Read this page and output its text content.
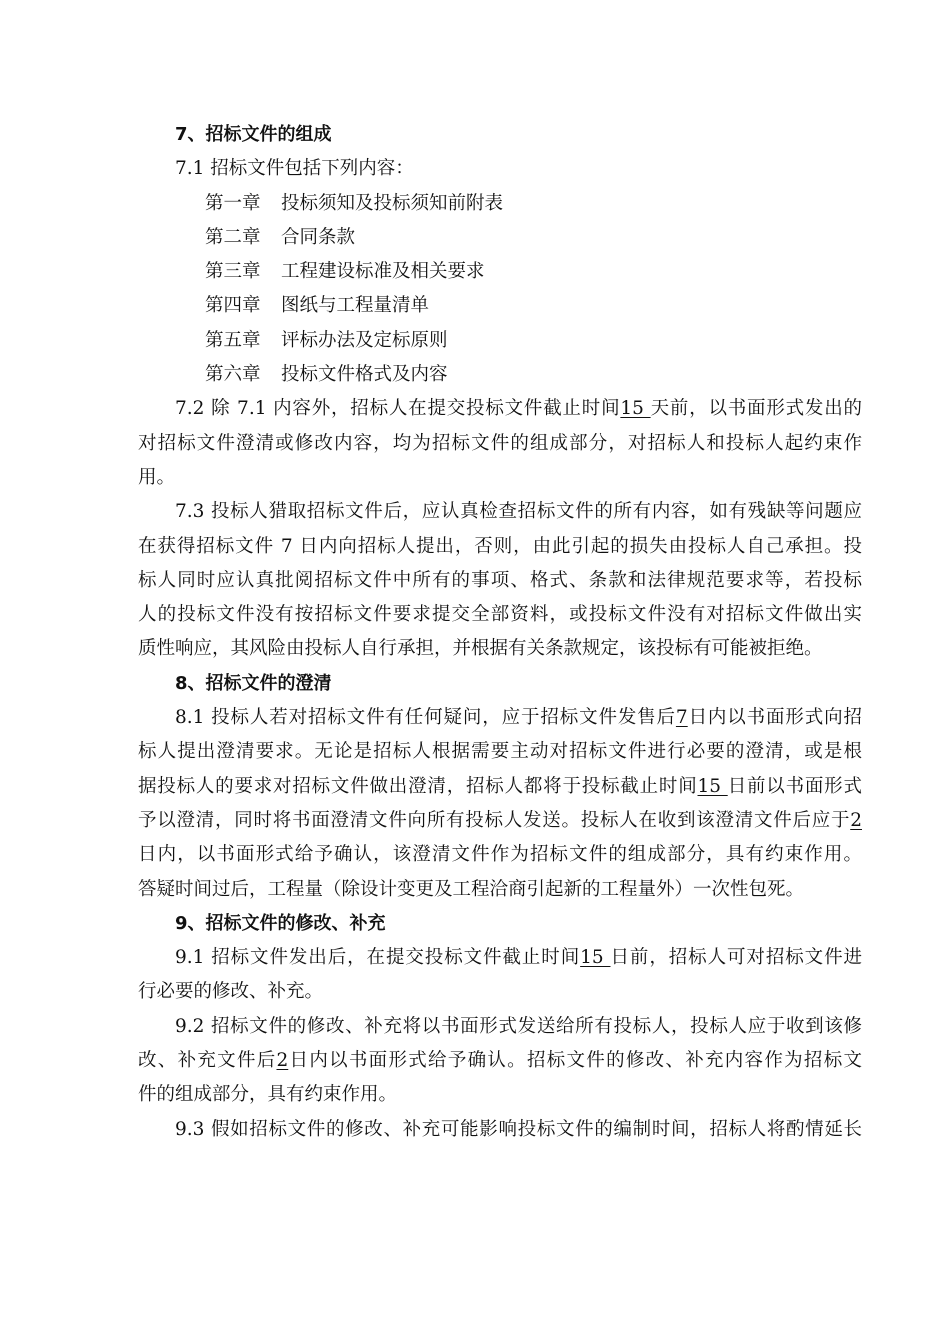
7、招标文件的组成
7.1 招标文件包括下列内容：
第一章 投标须知及投标须知前附表
第二章 合同条款
第三章 工程建设标准及相关要求
第四章 图纸与工程量清单
第五章 评标办法及定标原则
第六章 投标文件格式及内容
7.2 除 7.1 内容外，招标人在提交投标文件截止时间15 天前，以书面形式发出的
对招标文件澄清或修改内容，均为招标文件的组成部分，对招标人和投标人起约束作
用。
7.3 投标人猎取招标文件后，应认真检查招标文件的所有内容，如有残缺等问题应
在获得招标文件 7 日内向招标人提出，否则，由此引起的损失由投标人自己承担。投
标人同时应认真批阅招标文件中所有的事项、格式、条款和法律规范要求等，若投标
人的投标文件没有按招标文件要求提交全部资料，或投标文件没有对招标文件做出实
质性响应，其风险由投标人自行承担，并根据有关条款规定，该投标有可能被拒绝。
8、招标文件的澄清
8.1 投标人若对招标文件有任何疑问，应于招标文件发售后7日内以书面形式向招
标人提出澄清要求。无论是招标人根据需要主动对招标文件进行必要的澄清，或是根
据投标人的要求对招标文件做出澄清，招标人都将于投标截止时间15 日前以书面形式
予以澄清，同时将书面澄清文件向所有投标人发送。投标人在收到该澄清文件后应于2
日内，以书面形式给予确认，该澄清文件作为招标文件的组成部分，具有约束作用。
答疑时间过后，工程量（除设计变更及工程洽商引起新的工程量外）一次性包死。
9、招标文件的修改、补充
9.1 招标文件发出后，在提交投标文件截止时间15 日前，招标人可对招标文件进
行必要的修改、补充。
9.2 招标文件的修改、补充将以书面形式发送给所有投标人，投标人应于收到该修
改、补充文件后2日内以书面形式给予确认。招标文件的修改、补充内容作为招标文
件的组成部分，具有约束作用。
9.3 假如招标文件的修改、补充可能影响投标文件的编制时间，招标人将酌情延长
